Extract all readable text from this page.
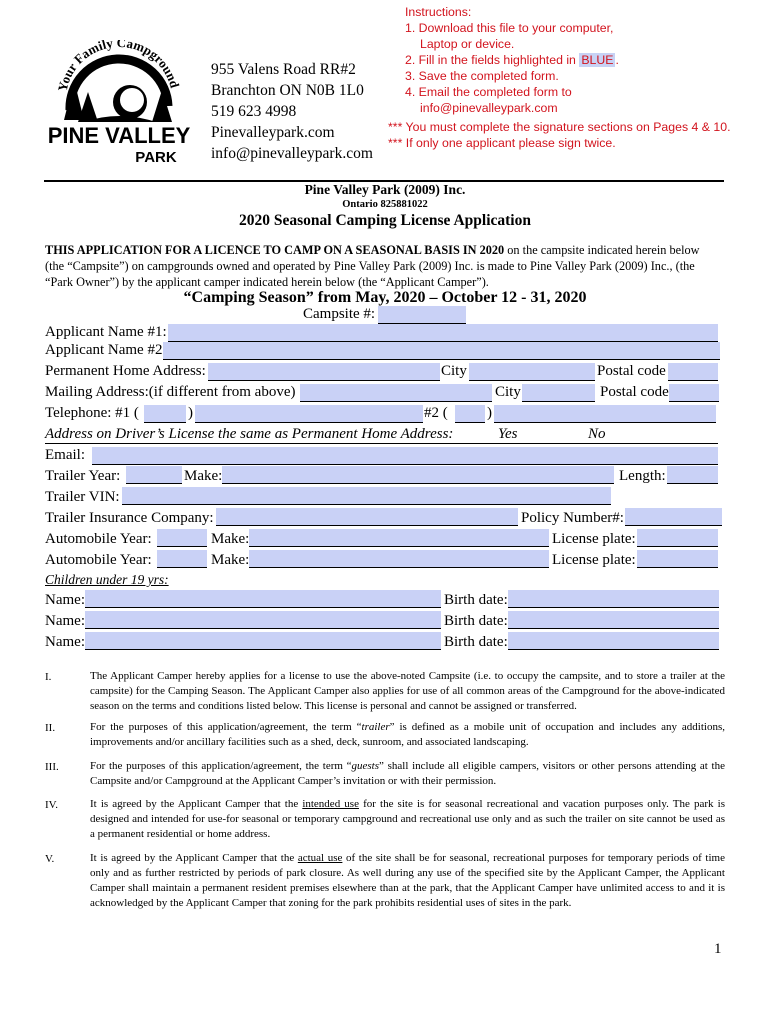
Your Family Campground
PINE VALLEY
PARK
955 Valens Road RR#2
Branchton ON N0B 1L0
519 623 4998
Pinevalleypark.com
info@pinevalleypark.com
Instructions:
1. Download this file to your computer,
Laptop or device.
2. Fill in the fields highlighted in BLUE .
3. Save the completed form.
4. Email the completed form to
info@pinevalleypark.com
*** You must complete the signature sections on Pages 4 & 10.
*** If only one applicant please sign twice.
Pine Valley Park (2009) Inc.
Ontario 825881022
2020 Seasonal Camping License Application
THIS APPLICATION FOR A LICENCE TO CAMP ON A SEASONAL BASIS IN 2020 on the campsite indicated herein below
(the “Campsite”) on campgrounds owned and operated by Pine Valley Park (2009) Inc. is made to Pine Valley Park (2009) Inc., (the
“Park Owner”) by the applicant camper indicated herein below (the “Applicant Camper”).
“Camping Season” from May, 2020 – October 12 - 31, 2020
Campsite #:
Applicant Name #1:
Applicant Name #2
Permanent Home Address:	City	Postal code
Mailing Address:(if different from above)	City	Postal code
Telephone: #1 (	)	#2 (	)
Address on Driver’s License the same as Permanent Home Address:	Yes	No
Email:
Trailer Year:	Make:	Length:
Trailer VIN:
Trailer Insurance Company:	Policy Number#:
Automobile Year:	Make:	License plate:
Automobile Year:	Make:	License plate:
Children under 19 yrs:
Name:	Birth date:
Name:	Birth date:
Name:	Birth date:
I.	The Applicant Camper hereby applies for a license to use the above-noted Campsite (i.e. to occupy the campsite, and to store a trailer at the campsite) for the Camping Season. The Applicant Camper also applies for use of all common areas of the Campground for the above-indicated season on the terms and conditions listed below. This license is personal and cannot be assigned or transferred.
II.	For the purposes of this application/agreement, the term “trailer” is defined as a mobile unit of occupation and includes any additions, improvements and/or ancillary facilities such as a shed, deck, sunroom, and associated landscaping.
III.	For the purposes of this application/agreement, the term “guests” shall include all eligible campers, visitors or other persons attending at the Campsite and/or Campground at the Applicant Camper’s invitation or with their permission.
IV.	It is agreed by the Applicant Camper that the intended use for the site is for seasonal recreational and vacation purposes only. The park is designed and intended for use-for seasonal or temporary campground and recreational use only and as such the trailer on site cannot be used as a permanent residential or home address.
V.	It is agreed by the Applicant Camper that the actual use of the site shall be for seasonal, recreational purposes for temporary periods of time only and as further restricted by periods of park closure. As well during any use of the specified site by the Applicant Camper, the Applicant Camper shall maintain a permanent resident premises elsewhere than at the park, that the Applicant Camper have unlimited access to and it is acknowledged by the Applicant Camper that zoning for the park prohibits residential uses of sites in the park.
1
